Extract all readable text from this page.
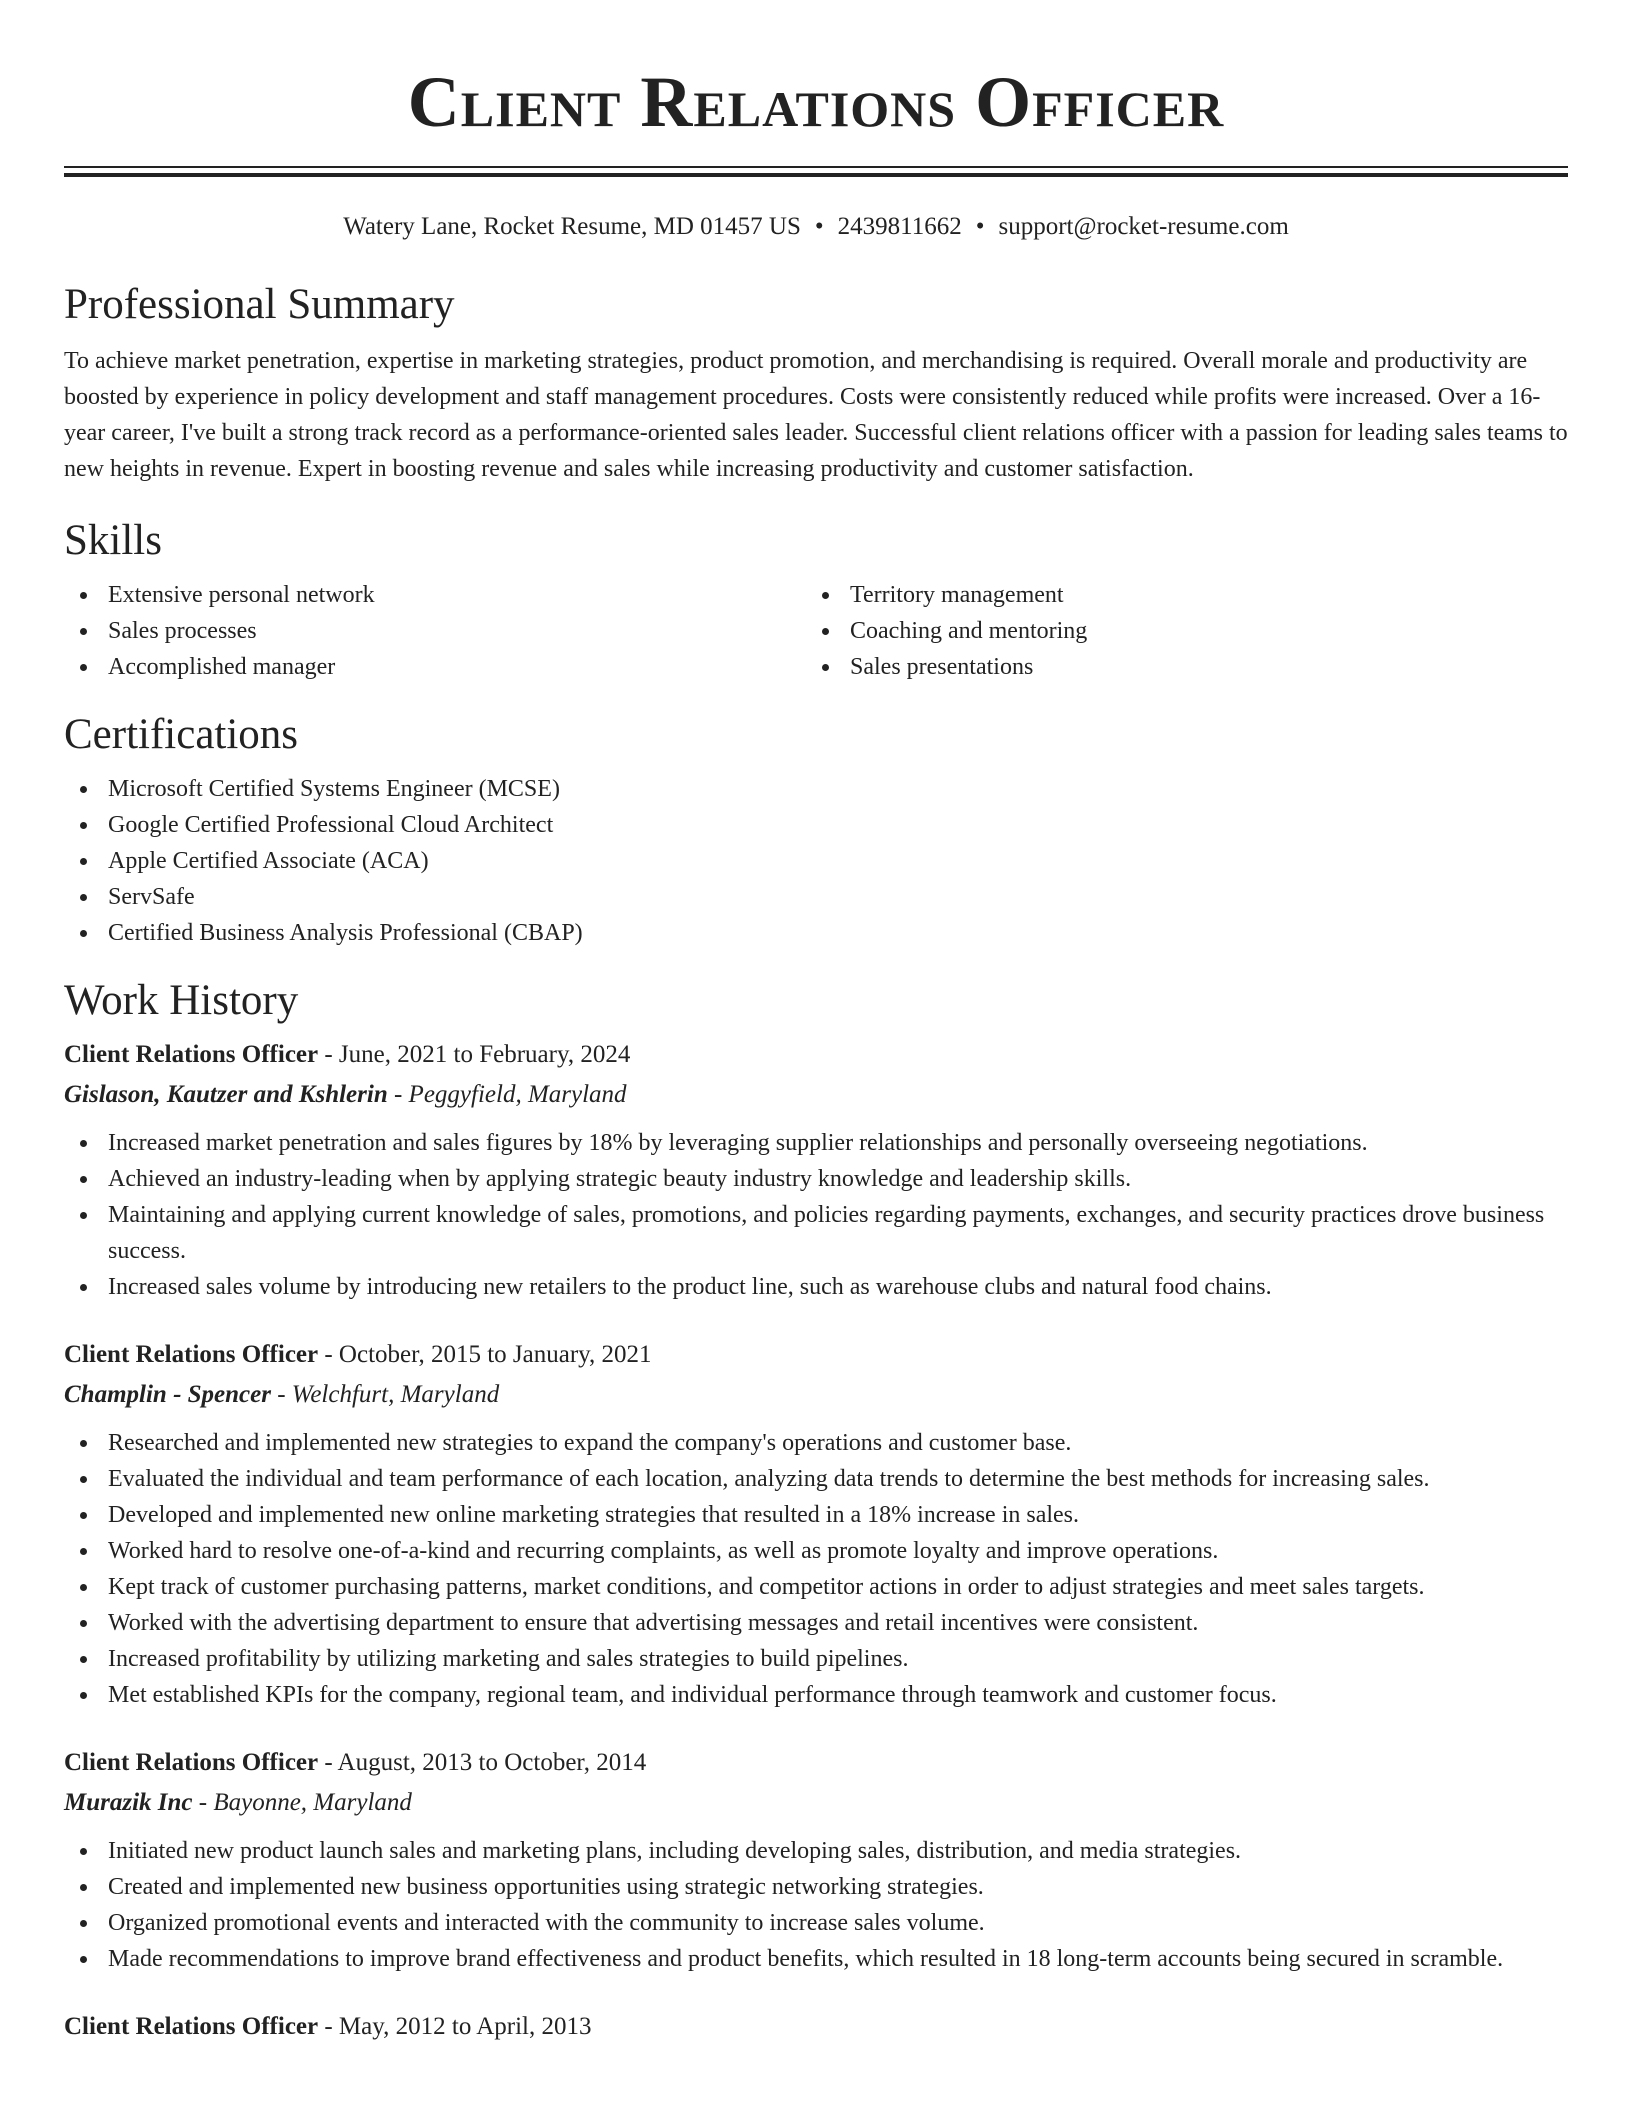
Client Relations Officer
Watery Lane, Rocket Resume, MD 01457 US • 2439811662 • support@rocket-resume.com
Professional Summary

To achieve market penetration, expertise in marketing strategies, product promotion, and merchandising is required. Overall morale and productivity are boosted by experience in policy development and staff management procedures. Costs were consistently reduced while profits were increased. Over a 16-year career, I've built a strong track record as a performance-oriented sales leader. Successful client relations officer with a passion for leading sales teams to new heights in revenue. Expert in boosting revenue and sales while increasing productivity and customer satisfaction.

Skills
Extensive personal network
Sales processes
Accomplished manager
Territory management
Coaching and mentoring
Sales presentations
Certifications
Microsoft Certified Systems Engineer (MCSE)
Google Certified Professional Cloud Architect
Apple Certified Associate (ACA)
ServSafe
Certified Business Analysis Professional (CBAP)
Work History
Client Relations Officer - June, 2021 to February, 2024
Gislason, Kautzer and Kshlerin - Peggyfield, Maryland
Increased market penetration and sales figures by 18% by leveraging supplier relationships and personally overseeing negotiations.
Achieved an industry-leading when by applying strategic beauty industry knowledge and leadership skills.
Maintaining and applying current knowledge of sales, promotions, and policies regarding payments, exchanges, and security practices drove business success.
Increased sales volume by introducing new retailers to the product line, such as warehouse clubs and natural food chains.
Client Relations Officer - October, 2015 to January, 2021
Champlin - Spencer - Welchfurt, Maryland
Researched and implemented new strategies to expand the company's operations and customer base.
Evaluated the individual and team performance of each location, analyzing data trends to determine the best methods for increasing sales.
Developed and implemented new online marketing strategies that resulted in a 18% increase in sales.
Worked hard to resolve one-of-a-kind and recurring complaints, as well as promote loyalty and improve operations.
Kept track of customer purchasing patterns, market conditions, and competitor actions in order to adjust strategies and meet sales targets.
Worked with the advertising department to ensure that advertising messages and retail incentives were consistent.
Increased profitability by utilizing marketing and sales strategies to build pipelines.
Met established KPIs for the company, regional team, and individual performance through teamwork and customer focus.
Client Relations Officer - August, 2013 to October, 2014
Murazik Inc - Bayonne, Maryland
Initiated new product launch sales and marketing plans, including developing sales, distribution, and media strategies.
Created and implemented new business opportunities using strategic networking strategies.
Organized promotional events and interacted with the community to increase sales volume.
Made recommendations to improve brand effectiveness and product benefits, which resulted in 18 long-term accounts being secured in scramble.
Client Relations Officer - May, 2012 to April, 2013
